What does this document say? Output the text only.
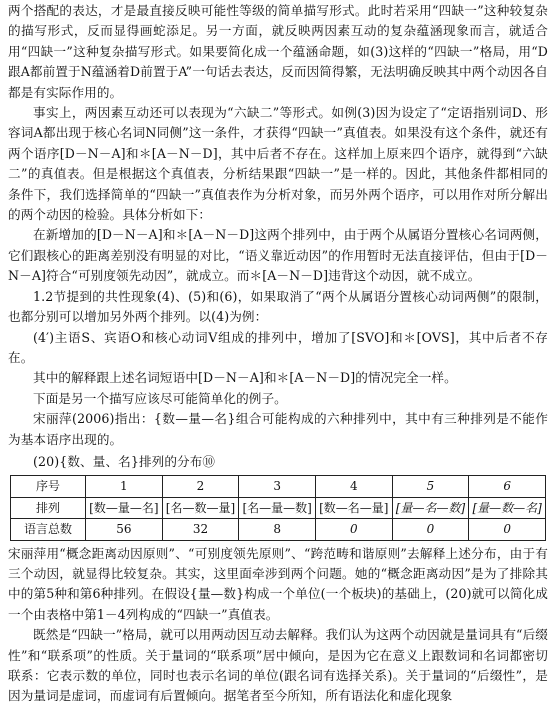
两个搭配的表达，才是最直接反映可能性等级的简单描写形式。此时若采用“四缺一”这种较复杂的描写形式，反而显得画蛇添足。另一方面，就反映两因素互动的复杂蕴涵现象而言，就适合用“四缺一”这种复杂描写形式。如果要简化成一个蕴涵命题，如(3)这样的“四缺一”格局，用“D跟A都前置于N蕴涵着D前置于A”一句话去表达，反而因简得繁，无法明确反映其中两个动因各自都是有实际作用的。

事实上，两因素互动还可以表现为“六缺二”等形式。如例(3)因为设定了“定语指别词D、形容词A都出现于核心名词N同侧”这一条件，才获得“四缺一”真值表。如果没有这个条件，就还有两个语序[D－N－A]和＊[A－N－D]，其中后者不存在。这样加上原来四个语序，就得到“六缺二”的真值表。但是根据这个真值表，分析结果跟“四缺一”是一样的。因此，其他条件都相同的条件下，我们选择简单的“四缺一”真值表作为分析对象，而另外两个语序，可以用作对所分解出的两个动因的检验。具体分析如下：

在新增加的[D－N－A]和＊[A－N－D]这两个排列中，由于两个从属语分置核心名词两侧，它们跟核心的距离差别没有明显的对比，“语义靠近动因”的作用暂时无法直接评估，但由于[D－N－A]符合“可别度领先动因”，就成立。而＊[A－N－D]违背这个动因，就不成立。

1.2节提到的共性现象(4)、(5)和(6)，如果取消了“两个从属语分置核心动词两侧”的限制，也都分别可以增加另外两个排列。以(4)为例：

(4′)主语S、宾语O和核心动词V组成的排列中，增加了[SVO]和＊[OVS]，其中后者不存在。

其中的解释跟上述名词短语中[D－N－A]和＊[A－N－D]的情况完全一样。

下面是另一个描写应该尽可能简单化的例子。

宋丽萍(2006)指出：{数—量—名}组合可能构成的六种排列中，其中有三种排列是不能作为基本语序出现的。

(20){数、量、名}排列的分布⑩

序号	1	2	3	4	5	6
排列	[数—量—名]	[名—数—量]	[名—量—数]	[数—名—量]	[量—名—数]	[量—数—名]
语言总数	56	32	8	0	0	0

宋丽萍用“概念距离动因原则”、“可别度领先原则”、“跨范畴和谐原则”去解释上述分布，由于有三个动因，就显得比较复杂。其实，这里面牵涉到两个问题。她的“概念距离动因”是为了排除其中的第5种和第6种排列。在假设{量—数}构成一个单位(一个板块)的基础上，(20)就可以简化成一个由表格中第1－4列构成的“四缺一”真值表。

既然是“四缺一”格局，就可以用两动因互动去解释。我们认为这两个动因就是量词具有“后缀性”和“联系项”的性质。关于量词的“联系项”居中倾向，是因为它在意义上跟数词和名词都密切联系：它表示数的单位，同时也表示名词的单位(跟名词有选择关系)。关于量词的“后缀性”，是因为量词是虚词，而虚词有后置倾向。据笔者至今所知，所有语法化和虚化现象
